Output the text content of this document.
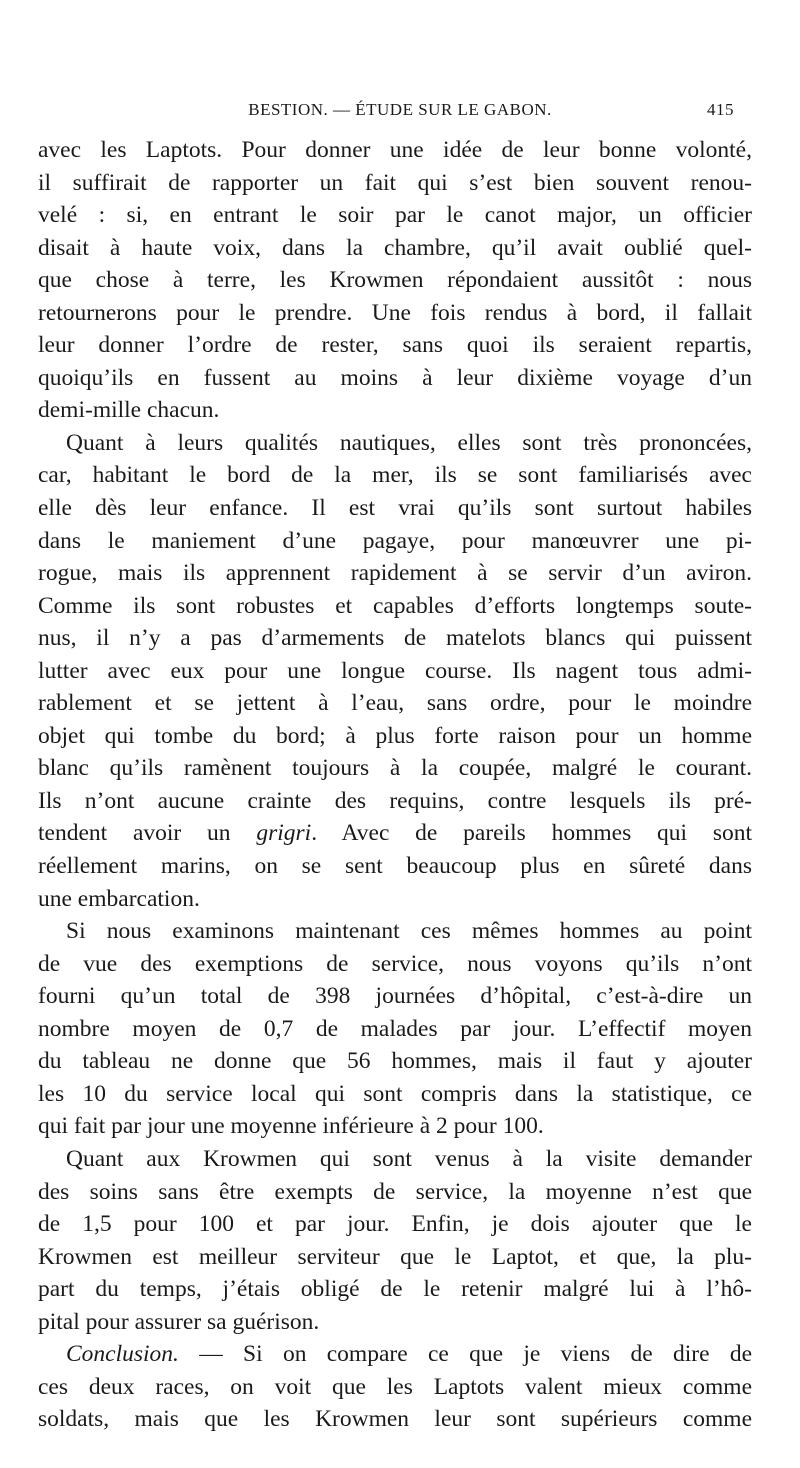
BESTION. — ÉTUDE SUR LE GABON.	415
avec les Laptots. Pour donner une idée de leur bonne volonté,
il suffirait de rapporter un fait qui s’est bien souvent renou-
velé : si, en entrant le soir par le canot major, un officier
disait à haute voix, dans la chambre, qu’il avait oublié quel-
que chose à terre, les Krowmen répondaient aussitôt : nous
retournerons pour le prendre. Une fois rendus à bord, il fallait
leur donner l’ordre de rester, sans quoi ils seraient repartis,
quoiqu’ils en fussent au moins à leur dixième voyage d’un
demi-mille chacun.
Quant à leurs qualités nautiques, elles sont très prononcées,
car, habitant le bord de la mer, ils se sont familiarisés avec
elle dès leur enfance. Il est vrai qu’ils sont surtout habiles
dans le maniement d’une pagaye, pour manœuvrer une pi-
rogue, mais ils apprennent rapidement à se servir d’un aviron.
Comme ils sont robustes et capables d’efforts longtemps soute-
nus, il n’y a pas d’armements de matelots blancs qui puissent
lutter avec eux pour une longue course. Ils nagent tous admi-
rablement et se jettent à l’eau, sans ordre, pour le moindre
objet qui tombe du bord; à plus forte raison pour un homme
blanc qu’ils ramènent toujours à la coupée, malgré le courant.
Ils n’ont aucune crainte des requins, contre lesquels ils pré-
tendent avoir un grigri. Avec de pareils hommes qui sont
réellement marins, on se sent beaucoup plus en sûreté dans
une embarcation.
Si nous examinons maintenant ces mêmes hommes au point
de vue des exemptions de service, nous voyons qu’ils n’ont
fourni qu’un total de 398 journées d’hôpital, c’est-à-dire un
nombre moyen de 0,7 de malades par jour. L’effectif moyen
du tableau ne donne que 56 hommes, mais il faut y ajouter
les 10 du service local qui sont compris dans la statistique, ce
qui fait par jour une moyenne inférieure à 2 pour 100.
Quant aux Krowmen qui sont venus à la visite demander
des soins sans être exempts de service, la moyenne n’est que
de 1,5 pour 100 et par jour. Enfin, je dois ajouter que le
Krowmen est meilleur serviteur que le Laptot, et que, la plu-
part du temps, j’étais obligé de le retenir malgré lui à l’hô-
pital pour assurer sa guérison.
Conclusion. — Si on compare ce que je viens de dire de
ces deux races, on voit que les Laptots valent mieux comme
soldats, mais que les Krowmen leur sont supérieurs comme
